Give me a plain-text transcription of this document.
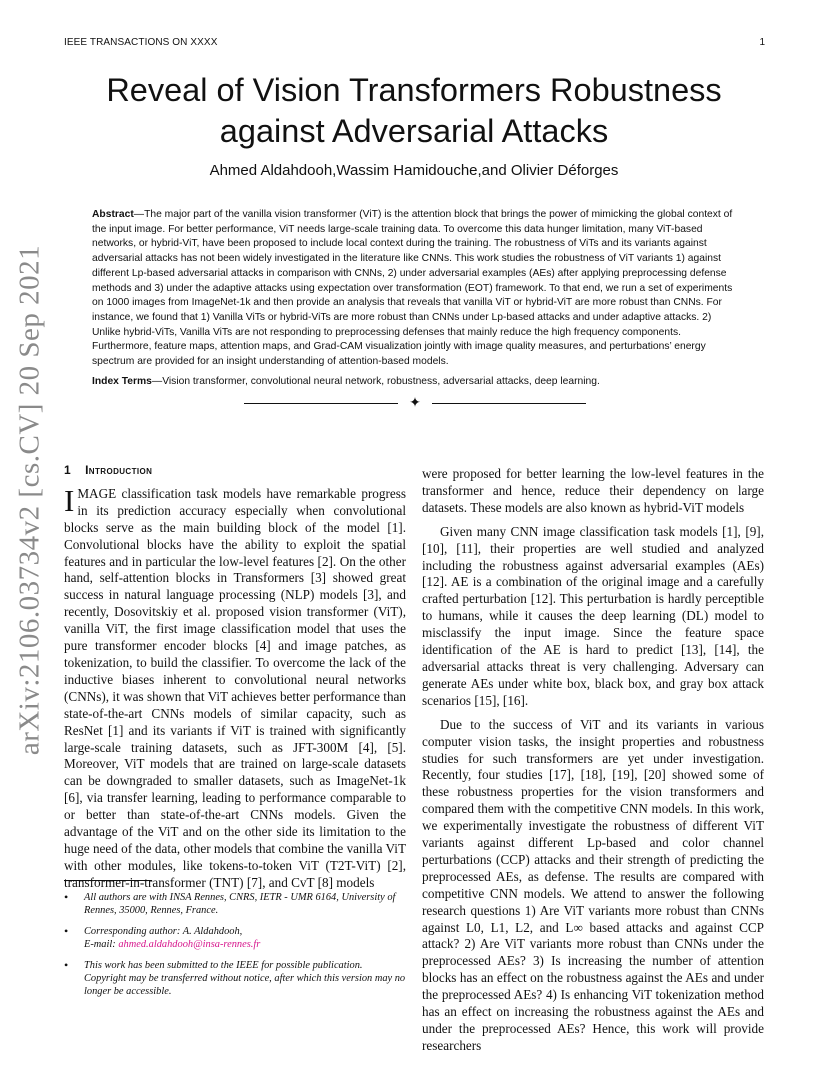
IEEE TRANSACTIONS ON XXXX	1
arXiv:2106.03734v2 [cs.CV] 20 Sep 2021
Reveal of Vision Transformers Robustness
against Adversarial Attacks
Ahmed Aldahdooh,Wassim Hamidouche,and Olivier Déforges

Abstract—The major part of the vanilla vision transformer (ViT) is the attention block that brings the power of mimicking the global context of the input image. For better performance, ViT needs large-scale training data. To overcome this data hunger limitation, many ViT-based networks, or hybrid-ViT, have been proposed to include local context during the training. The robustness of ViTs and its variants against adversarial attacks has not been widely investigated in the literature like CNNs. This work studies the robustness of ViT variants 1) against different Lp-based adversarial attacks in comparison with CNNs, 2) under adversarial examples (AEs) after applying preprocessing defense methods and 3) under the adaptive attacks using expectation over transformation (EOT) framework. To that end, we run a set of experiments on 1000 images from ImageNet-1k and then provide an analysis that reveals that vanilla ViT or hybrid-ViT are more robust than CNNs. For instance, we found that 1) Vanilla ViTs or hybrid-ViTs are more robust than CNNs under Lp-based attacks and under adaptive attacks. 2) Unlike hybrid-ViTs, Vanilla ViTs are not responding to preprocessing defenses that mainly reduce the high frequency components. Furthermore, feature maps, attention maps, and Grad-CAM visualization jointly with image quality measures, and perturbations’ energy spectrum are provided for an insight understanding of attention-based models.

Index Terms—Vision transformer, convolutional neural network, robustness, adversarial attacks, deep learning.

✦
1 Introduction

IMAGE classification task models have remarkable progress in its prediction accuracy especially when convolutional blocks serve as the main building block of the model [1]. Convolutional blocks have the ability to exploit the spatial features and in particular the low-level features [2]. On the other hand, self-attention blocks in Transformers [3] showed great success in natural language processing (NLP) models [3], and recently, Dosovitskiy et al. proposed vision transformer (ViT), vanilla ViT, the first image classification model that uses the pure transformer encoder blocks [4] and image patches, as tokenization, to build the classifier. To overcome the lack of the inductive biases inherent to convolutional neural networks (CNNs), it was shown that ViT achieves better performance than state-of-the-art CNNs models of similar capacity, such as ResNet [1] and its variants if ViT is trained with significantly large-scale training datasets, such as JFT-300M [4], [5]. Moreover, ViT models that are trained on large-scale datasets can be downgraded to smaller datasets, such as ImageNet-1k [6], via transfer learning, leading to performance comparable to or better than state-of-the-art CNNs models. Given the advantage of the ViT and on the other side its limitation to the huge need of the data, other models that combine the vanilla ViT with other modules, like tokens-to-token ViT (T2T-ViT) [2], transformer-in-transformer (TNT) [7], and CvT [8] models

were proposed for better learning the low-level features in the transformer and hence, reduce their dependency on large datasets. These models are also known as hybrid-ViT models

Given many CNN image classification task models [1], [9], [10], [11], their properties are well studied and analyzed including the robustness against adversarial examples (AEs) [12]. AE is a combination of the original image and a carefully crafted perturbation [12]. This perturbation is hardly perceptible to humans, while it causes the deep learning (DL) model to misclassify the input image. Since the feature space identification of the AE is hard to predict [13], [14], the adversarial attacks threat is very challenging. Adversary can generate AEs under white box, black box, and gray box attack scenarios [15], [16].

Due to the success of ViT and its variants in various computer vision tasks, the insight properties and robustness studies for such transformers are yet under investigation. Recently, four studies [17], [18], [19], [20] showed some of these robustness properties for the vision transformers and compared them with the competitive CNN models. In this work, we experimentally investigate the robustness of different ViT variants against different Lp-based and color channel perturbations (CCP) attacks and their strength of predicting the preprocessed AEs, as defense. The results are compared with competitive CNN models. We attend to answer the following research questions 1) Are ViT variants more robust than CNNs against L0, L1, L2, and L∞ based attacks and against CCP attack? 2) Are ViT variants more robust than CNNs under the preprocessed AEs? 3) Is increasing the number of attention blocks has an effect on the robustness against the AEs and under the preprocessed AEs? 4) Is enhancing ViT tokenization method has an effect on increasing the robustness against the AEs and under the preprocessed AEs? Hence, this work will provide researchers

• All authors are with INSA Rennes, CNRS, IETR - UMR 6164, University of Rennes, 35000, Rennes, France.
• Corresponding author: A. Aldahdooh,
E-mail: ahmed.aldahdooh@insa-rennes.fr
• This work has been submitted to the IEEE for possible publication. Copyright may be transferred without notice, after which this version may no longer be accessible.
